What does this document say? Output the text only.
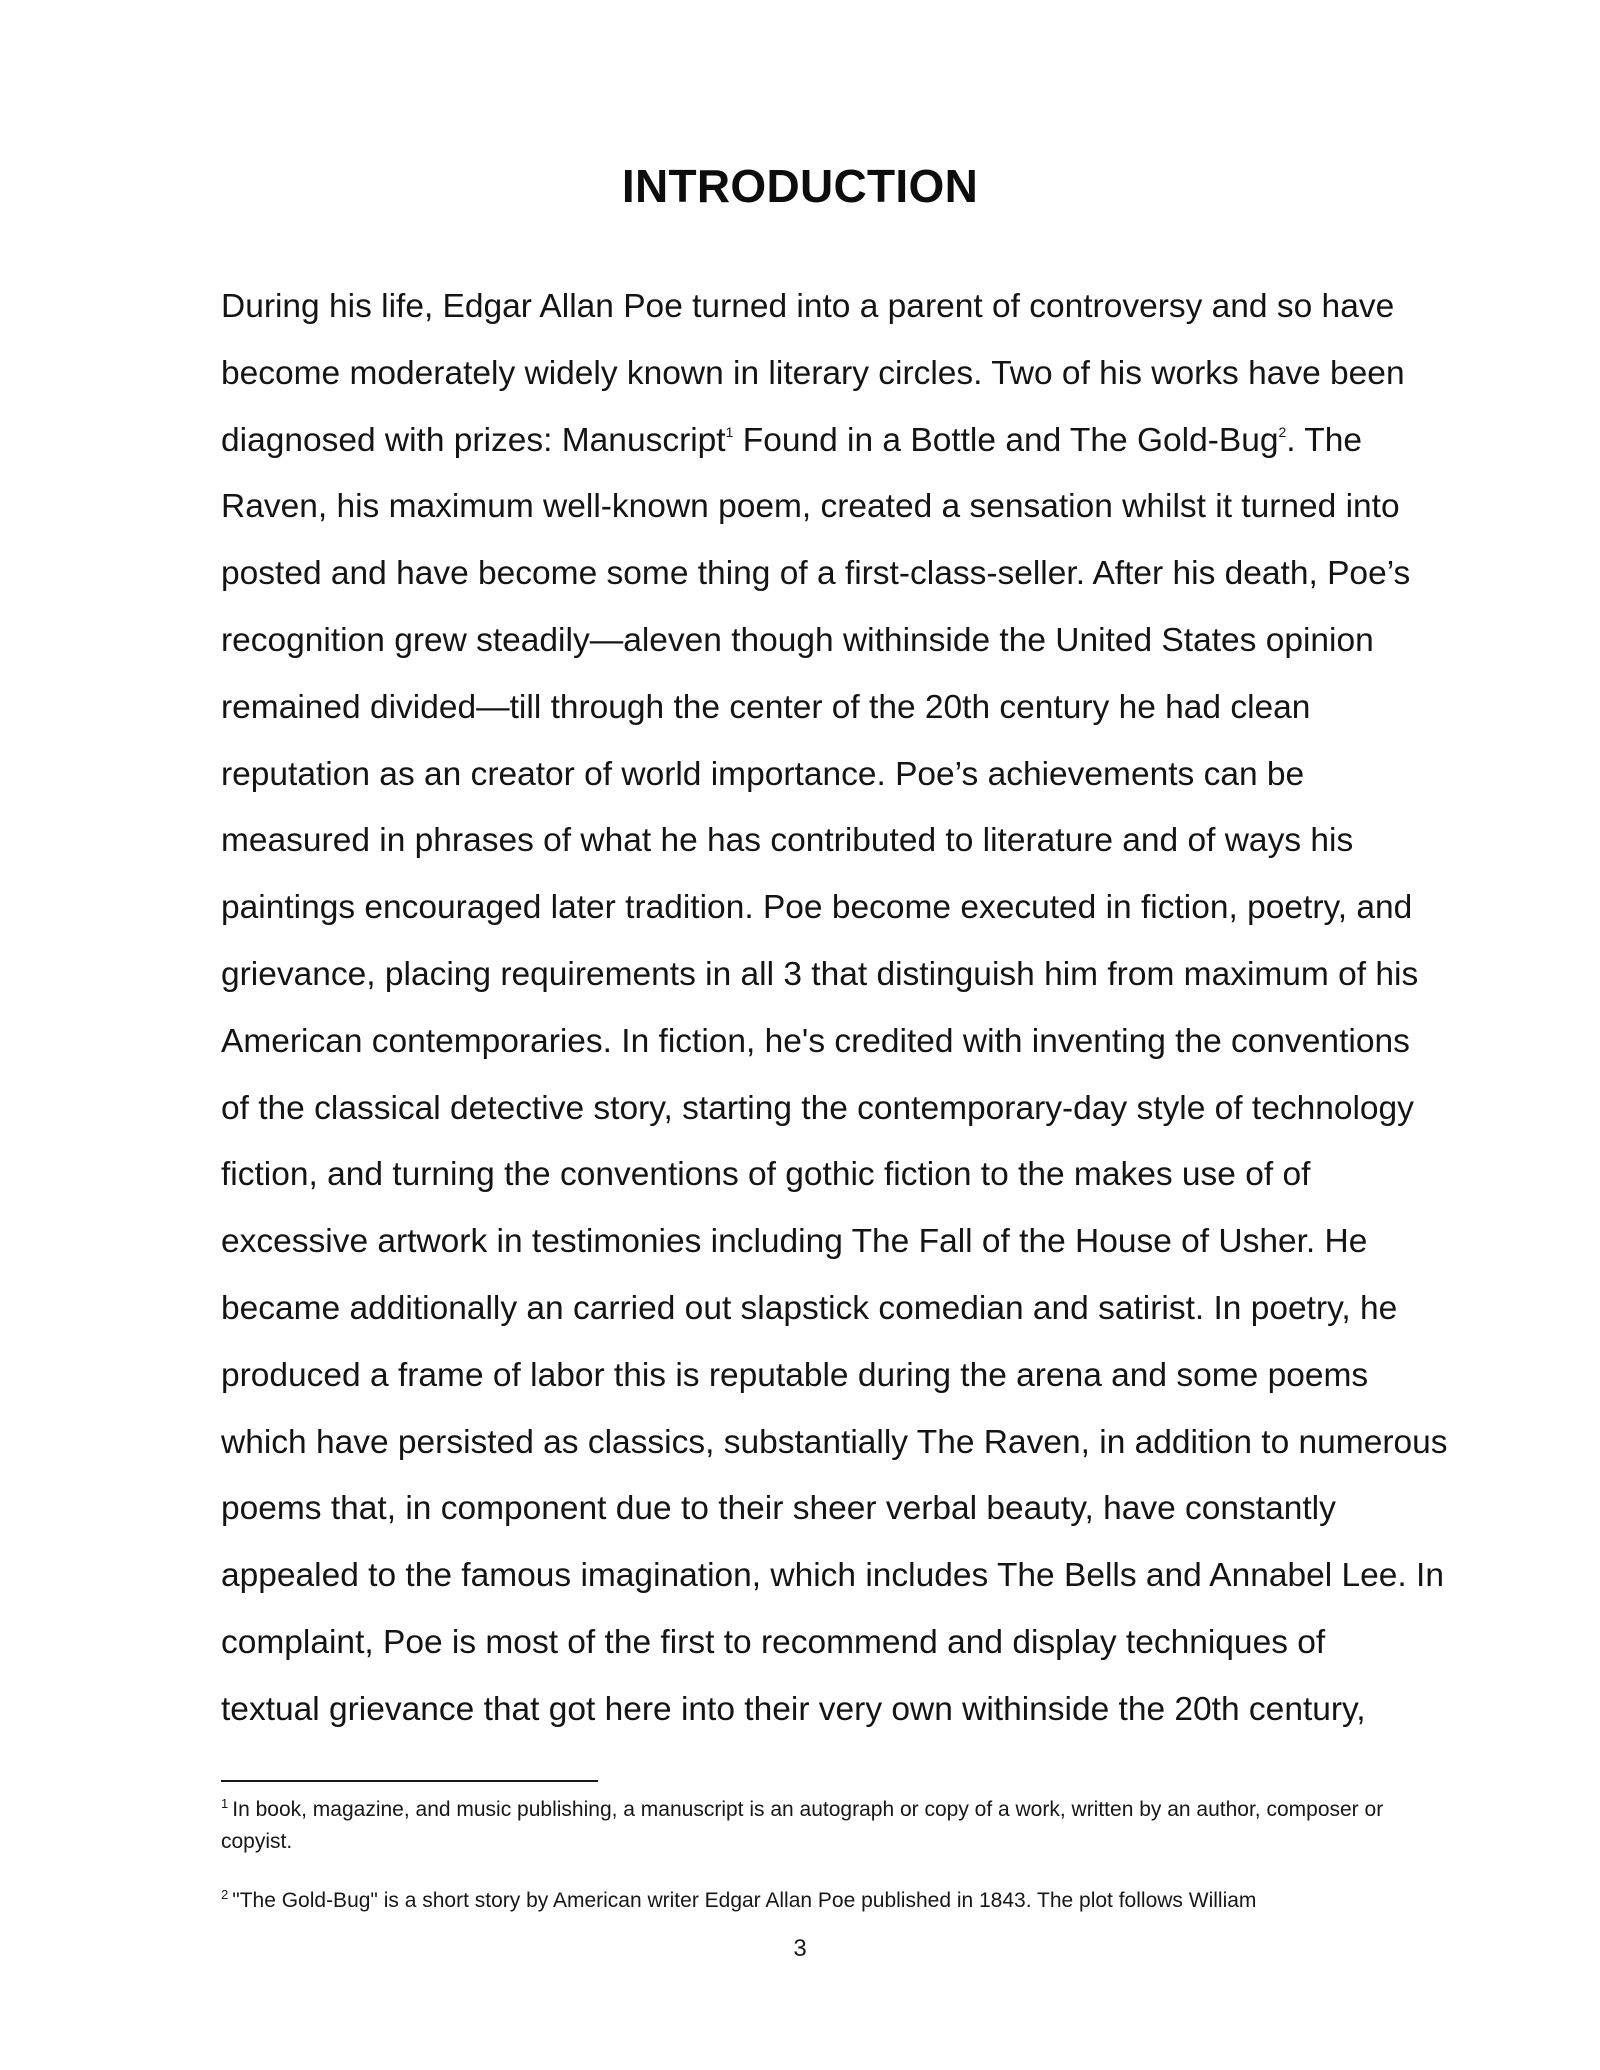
INTRODUCTION
During his life, Edgar Allan Poe turned into a parent of controversy and so have
become moderately widely known in literary circles. Two of his works have been
diagnosed with prizes: Manuscript$^1$ Found in a Bottle and The Gold-Bug$^2$. The
Raven, his maximum well-known poem, created a sensation whilst it turned into
posted and have become some thing of a first-class-seller. After his death, Poe’s
recognition grew steadily—aleven though withinside the United States opinion
remained divided—till through the center of the 20th century he had clean
reputation as an creator of world importance. Poe’s achievements can be
measured in phrases of what he has contributed to literature and of ways his
paintings encouraged later tradition. Poe become executed in fiction, poetry, and
grievance, placing requirements in all 3 that distinguish him from maximum of his
American contemporaries. In fiction, he's credited with inventing the conventions
of the classical detective story, starting the contemporary-day style of technology
fiction, and turning the conventions of gothic fiction to the makes use of of
excessive artwork in testimonies including The Fall of the House of Usher. He
became additionally an carried out slapstick comedian and satirist. In poetry, he
produced a frame of labor this is reputable during the arena and some poems
which have persisted as classics, substantially The Raven, in addition to numerous
poems that, in component due to their sheer verbal beauty, have constantly
appealed to the famous imagination, which includes The Bells and Annabel Lee. In
complaint, Poe is most of the first to recommend and display techniques of
textual grievance that got here into their very own withinside the 20th century,

$^1$ In book, magazine, and music publishing, a manuscript is an autograph or copy of a work, written by an author, composer or copyist.

$^2$ "The Gold-Bug" is a short story by American writer Edgar Allan Poe published in 1843. The plot follows William

3
